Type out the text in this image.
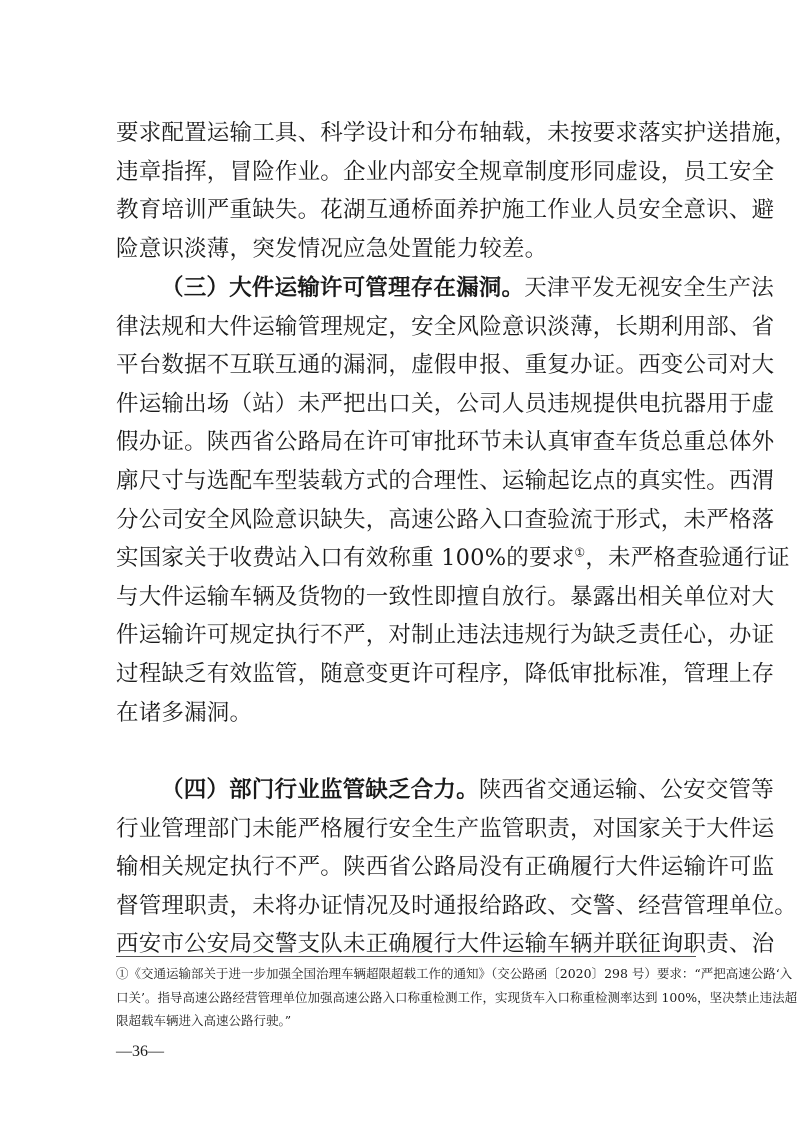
要求配置运输工具、科学设计和分布轴载，未按要求落实护送措施，
违章指挥，冒险作业。企业内部安全规章制度形同虚设，员工安全
教育培训严重缺失。花湖互通桥面养护施工作业人员安全意识、避
险意识淡薄，突发情况应急处置能力较差。
（三）大件运输许可管理存在漏洞。天津平发无视安全生产法
律法规和大件运输管理规定，安全风险意识淡薄，长期利用部、省
平台数据不互联互通的漏洞，虚假申报、重复办证。西变公司对大
件运输出场（站）未严把出口关，公司人员违规提供电抗器用于虚
假办证。陕西省公路局在许可审批环节未认真审查车货总重总体外
廓尺寸与选配车型装载方式的合理性、运输起讫点的真实性。西渭
分公司安全风险意识缺失，高速公路入口查验流于形式，未严格落
实国家关于收费站入口有效称重 100%的要求①，未严格查验通行证
与大件运输车辆及货物的一致性即擅自放行。暴露出相关单位对大
件运输许可规定执行不严，对制止违法违规行为缺乏责任心，办证
过程缺乏有效监管，随意变更许可程序，降低审批标准，管理上存
在诸多漏洞。
（四）部门行业监管缺乏合力。陕西省交通运输、公安交管等
行业管理部门未能严格履行安全生产监管职责，对国家关于大件运
输相关规定执行不严。陕西省公路局没有正确履行大件运输许可监
督管理职责，未将办证情况及时通报给路政、交警、经营管理单位。
西安市公安局交警支队未正确履行大件运输车辆并联征询职责、治
①《交通运输部关于进一步加强全国治理车辆超限超载工作的通知》（交公路函〔2020〕298 号）要求：“严把高速公路‘入
口关’。指导高速公路经营管理单位加强高速公路入口称重检测工作，实现货车入口称重检测率达到 100%，坚决禁止违法超
限超载车辆进入高速公路行驶。”
—36—
